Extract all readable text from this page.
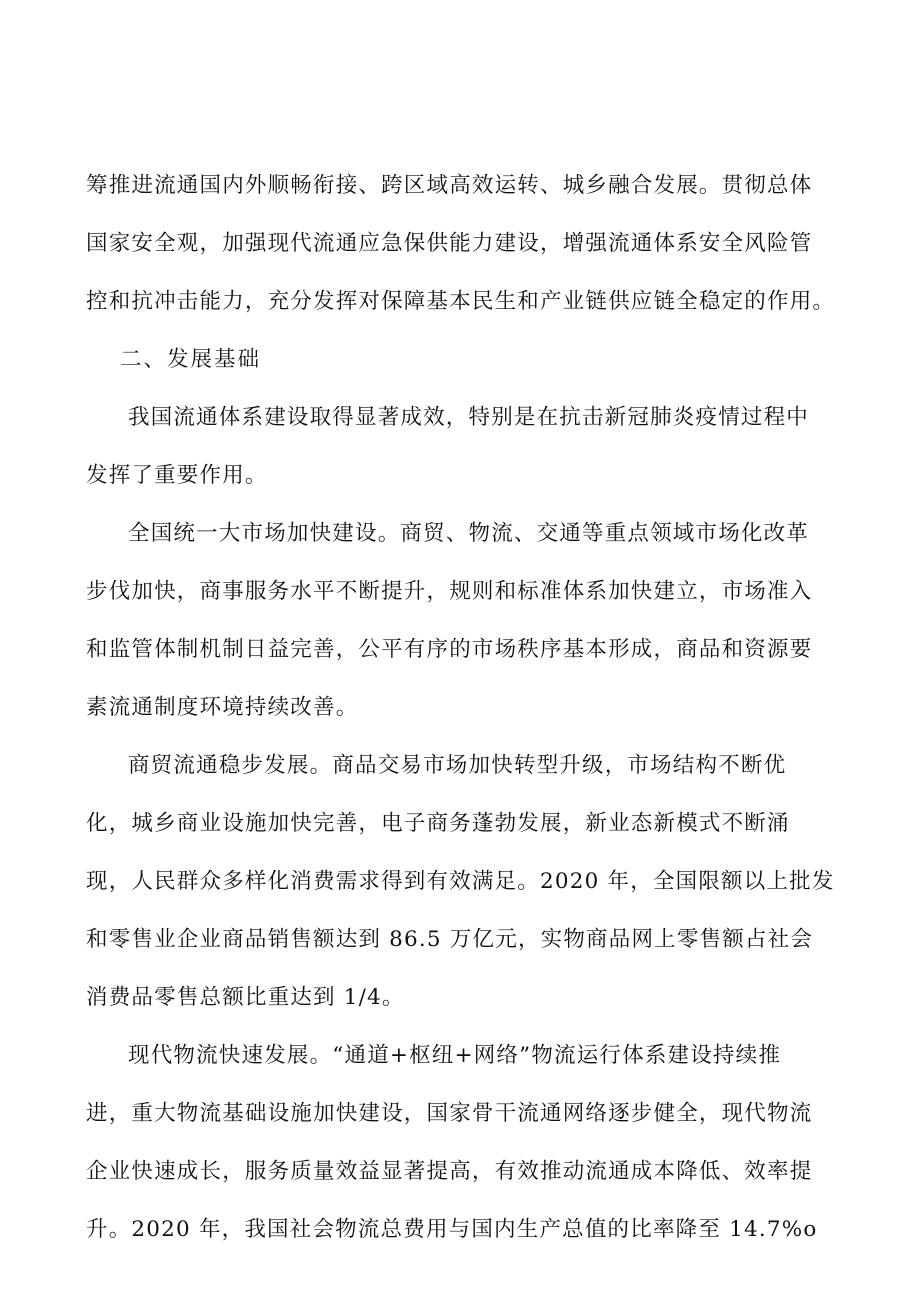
筹推进流通国内外顺畅衔接、跨区域高效运转、城乡融合发展。贯彻总体
国家安全观，加强现代流通应急保供能力建设，增强流通体系安全风险管
控和抗冲击能力，充分发挥对保障基本民生和产业链供应链全稳定的作用。
二、发展基础
我国流通体系建设取得显著成效，特别是在抗击新冠肺炎疫情过程中
发挥了重要作用。
全国统一大市场加快建设。商贸、物流、交通等重点领域市场化改革
步伐加快，商事服务水平不断提升，规则和标准体系加快建立，市场准入
和监管体制机制日益完善，公平有序的市场秩序基本形成，商品和资源要
素流通制度环境持续改善。
商贸流通稳步发展。商品交易市场加快转型升级，市场结构不断优
化，城乡商业设施加快完善，电子商务蓬勃发展，新业态新模式不断涌
现，人民群众多样化消费需求得到有效满足。2020 年，全国限额以上批发
和零售业企业商品销售额达到 86.5 万亿元，实物商品网上零售额占社会
消费品零售总额比重达到 1/4。
现代物流快速发展。“通道+枢纽+网络”物流运行体系建设持续推
进，重大物流基础设施加快建设，国家骨干流通网络逐步健全，现代物流
企业快速成长，服务质量效益显著提高，有效推动流通成本降低、效率提
升。2020 年，我国社会物流总费用与国内生产总值的比率降至 14.7%o
